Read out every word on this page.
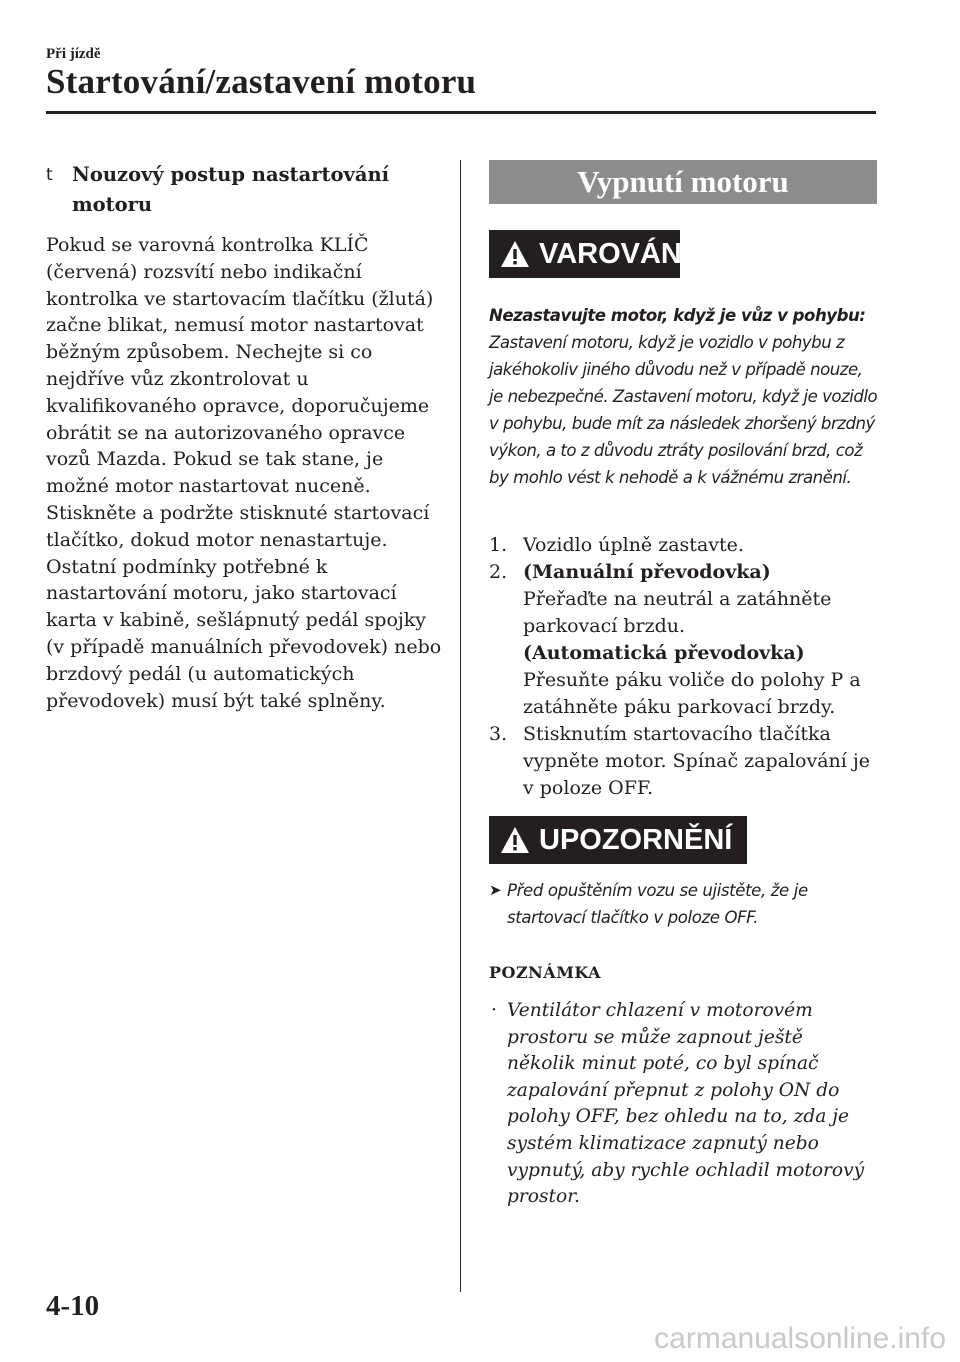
Při jízdě
Startování/zastavení motoru
t Nouzový postup nastartování motoru
Pokud se varovná kontrolka KLÍČ (červená) rozsvítí nebo indikační kontrolka ve startovacím tlačítku (žlutá) začne blikat, nemusí motor nastartovat běžným způsobem. Nechejte si co nejdříve vůz zkontrolovat u kvalifikovaného opravce, doporučujeme obrátit se na autorizovaného opravce vozů Mazda. Pokud se tak stane, je možné motor nastartovat nuceně. Stiskněte a podržte stisknuté startovací tlačítko, dokud motor nenastartuje. Ostatní podmínky potřebné k nastartování motoru, jako startovací karta v kabině, sešlápnutý pedál spojky (v případě manuálních převodovek) nebo brzdový pedál (u automatických převodovek) musí být také splněny.
Vypnutí motoru
VAROVÁNÍ
Nezastavujte motor, když je vůz v pohybu:
Zastavení motoru, když je vozidlo v pohybu z jakéhokoliv jiného důvodu než v případě nouze, je nebezpečné. Zastavení motoru, když je vozidlo v pohybu, bude mít za následek zhoršený brzdný výkon, a to z důvodu ztráty posilování brzd, což by mohlo vést k nehodě a k vážnému zranění.
1. Vozidlo úplně zastavte.
2. (Manuální převodovka)
Přeřaďte na neutrál a zatáhněte parkovací brzdu.
(Automatická převodovka)
Přesuňte páku voliče do polohy P a zatáhněte páku parkovací brzdy.
3. Stisknutím startovacího tlačítka vypněte motor. Spínač zapalování je v poloze OFF.
UPOZORNĚNÍ
➤ Před opuštěním vozu se ujistěte, že je startovací tlačítko v poloze OFF.
POZNÁMKA
· Ventilátor chlazení v motorovém prostoru se může zapnout ještě několik minut poté, co byl spínač zapalování přepnut z polohy ON do polohy OFF, bez ohledu na to, zda je systém klimatizace zapnutý nebo vypnutý, aby rychle ochladil motorový prostor.
4-10
carmanualsonline.info
